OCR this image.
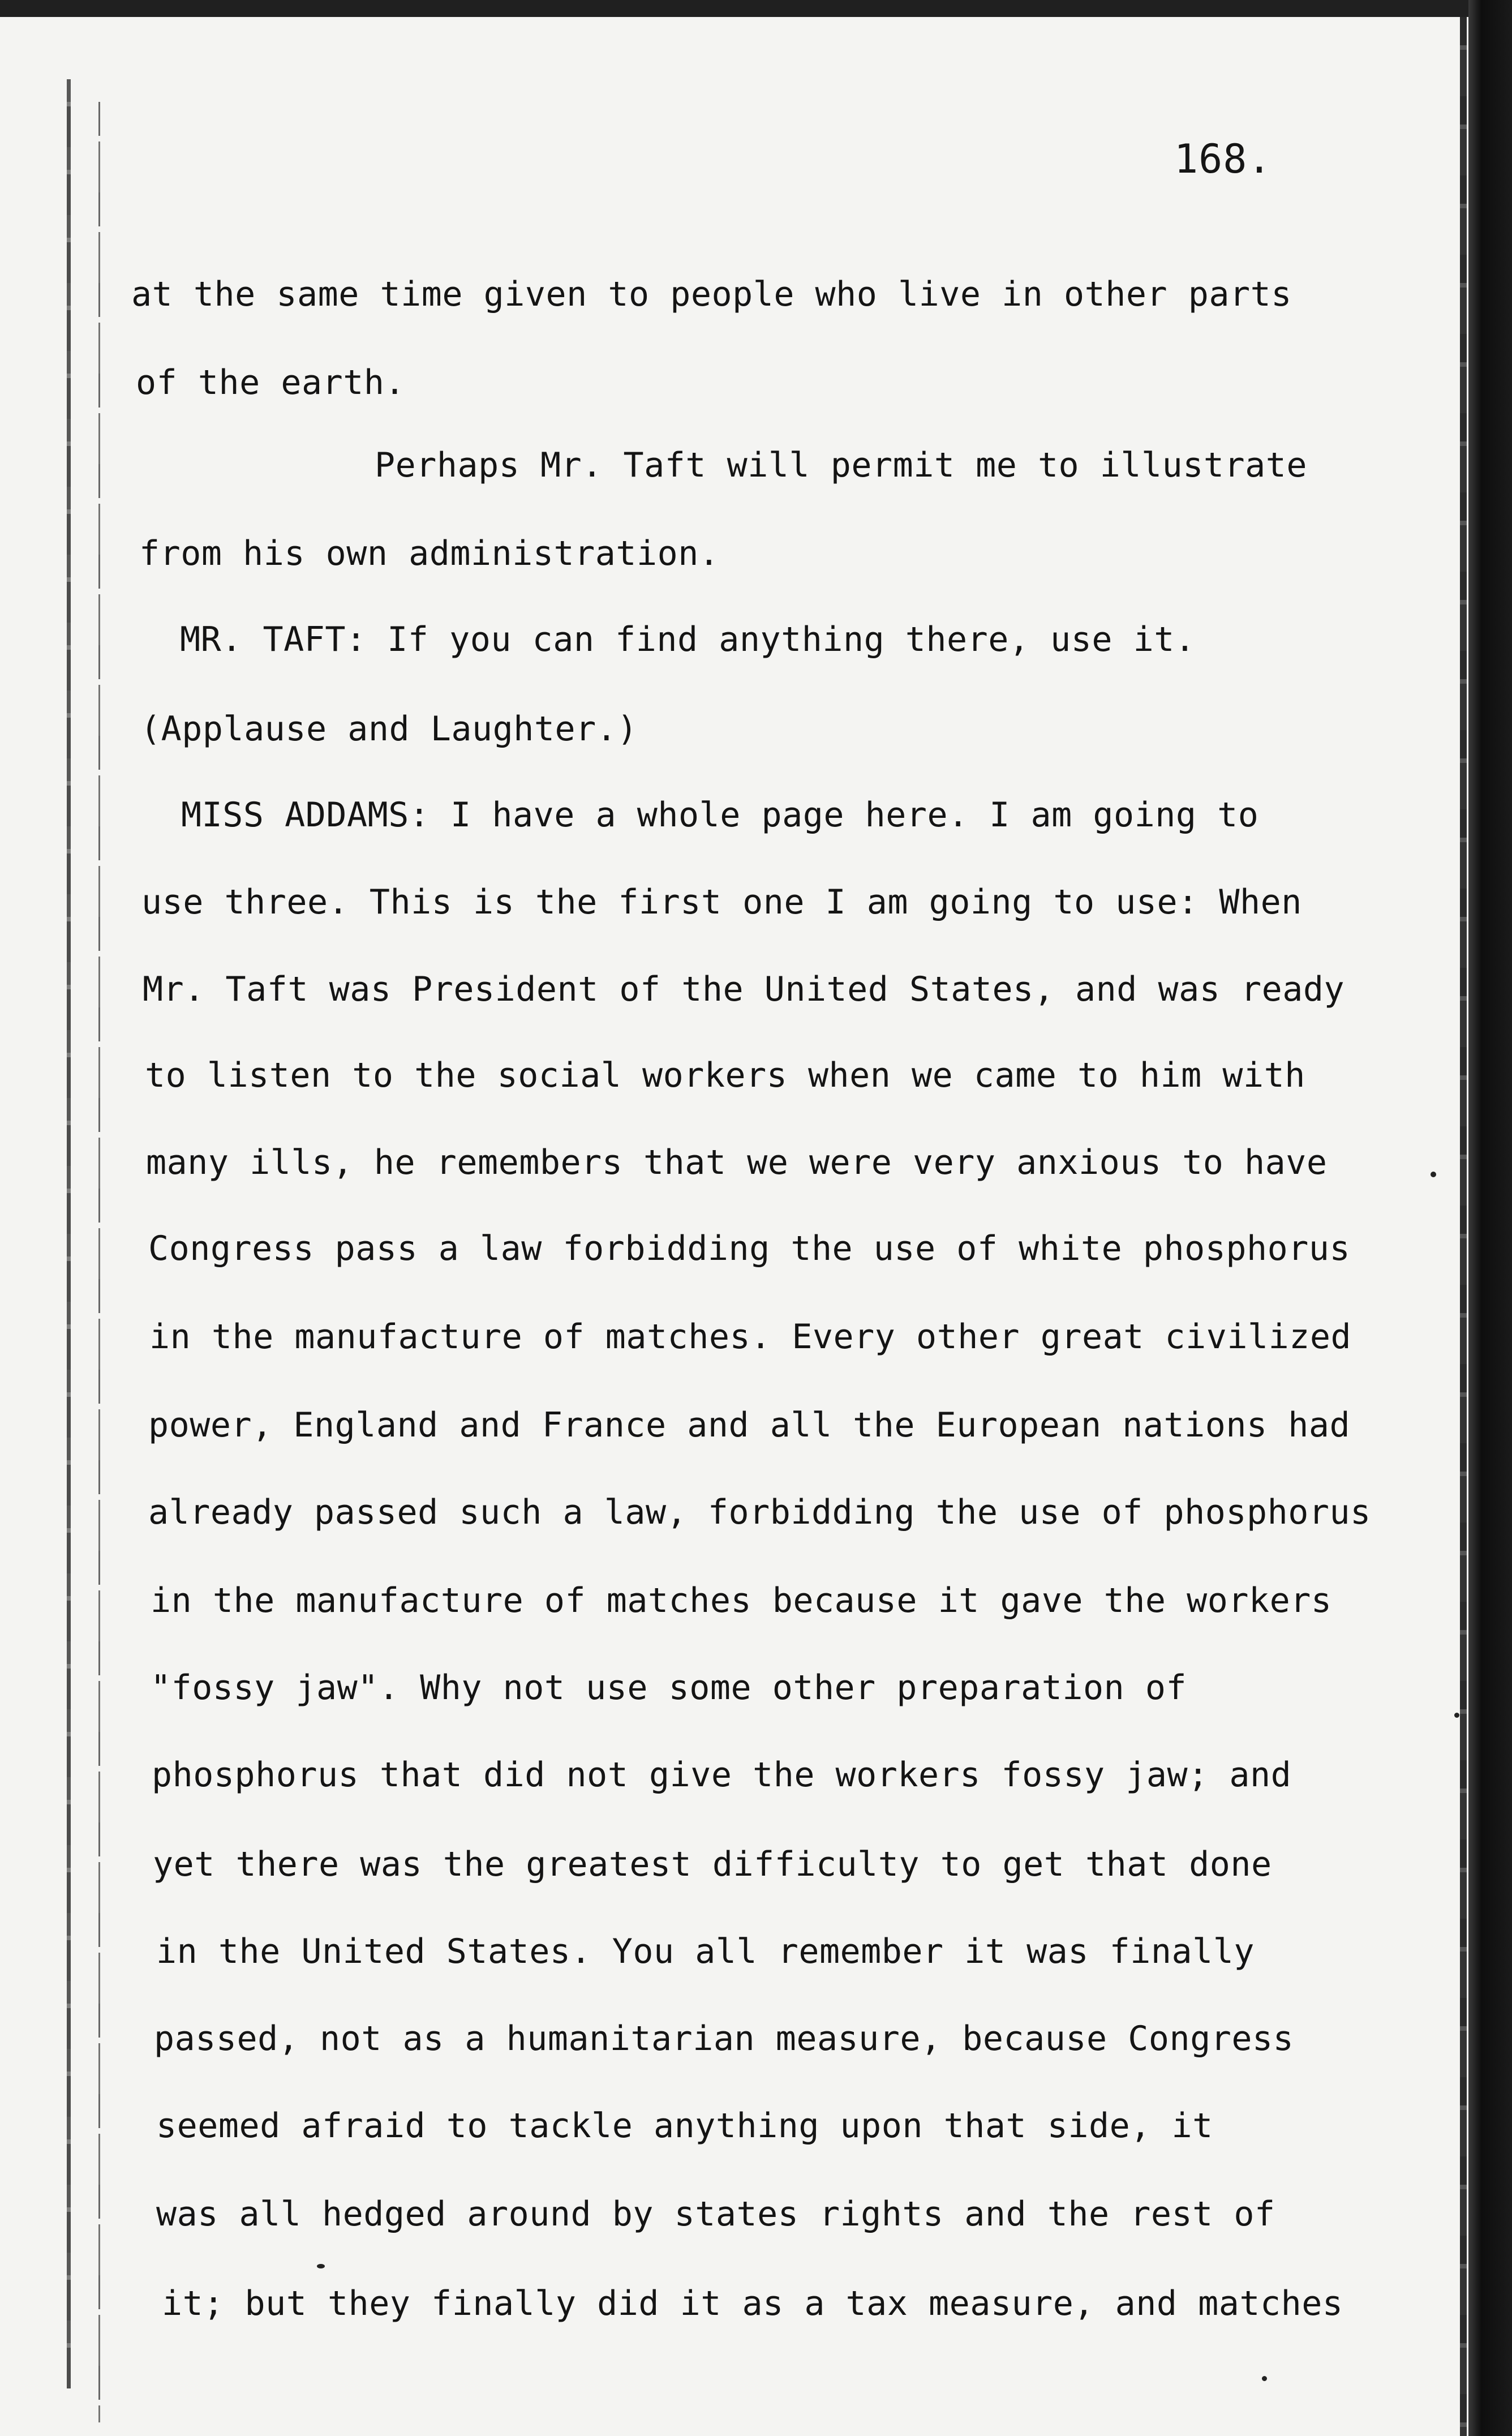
168.
at the same time given to people who live in other parts
of the earth.
Perhaps Mr. Taft will permit me to illustrate
from his own administration.
MR. TAFT: If you can find anything there, use it.
(Applause and Laughter.)
MISS ADDAMS: I have a whole page here. I am going to
use three. This is the first one I am going to use: When
Mr. Taft was President of the United States, and was ready
to listen to the social workers when we came to him with
many ills, he remembers that we were very anxious to have
Congress pass a law forbidding the use of white phosphorus
in the manufacture of matches. Every other great civilized
power, England and France and all the European nations had
already passed such a law, forbidding the use of phosphorus
in the manufacture of matches because it gave the workers
"fossy jaw". Why not use some other preparation of
phosphorus that did not give the workers fossy jaw; and
yet there was the greatest difficulty to get that done
in the United States. You all remember it was finally
passed, not as a humanitarian measure, because Congress
seemed afraid to tackle anything upon that side, it
was all hedged around by states rights and the rest of
it; but they finally did it as a tax measure, and matches
